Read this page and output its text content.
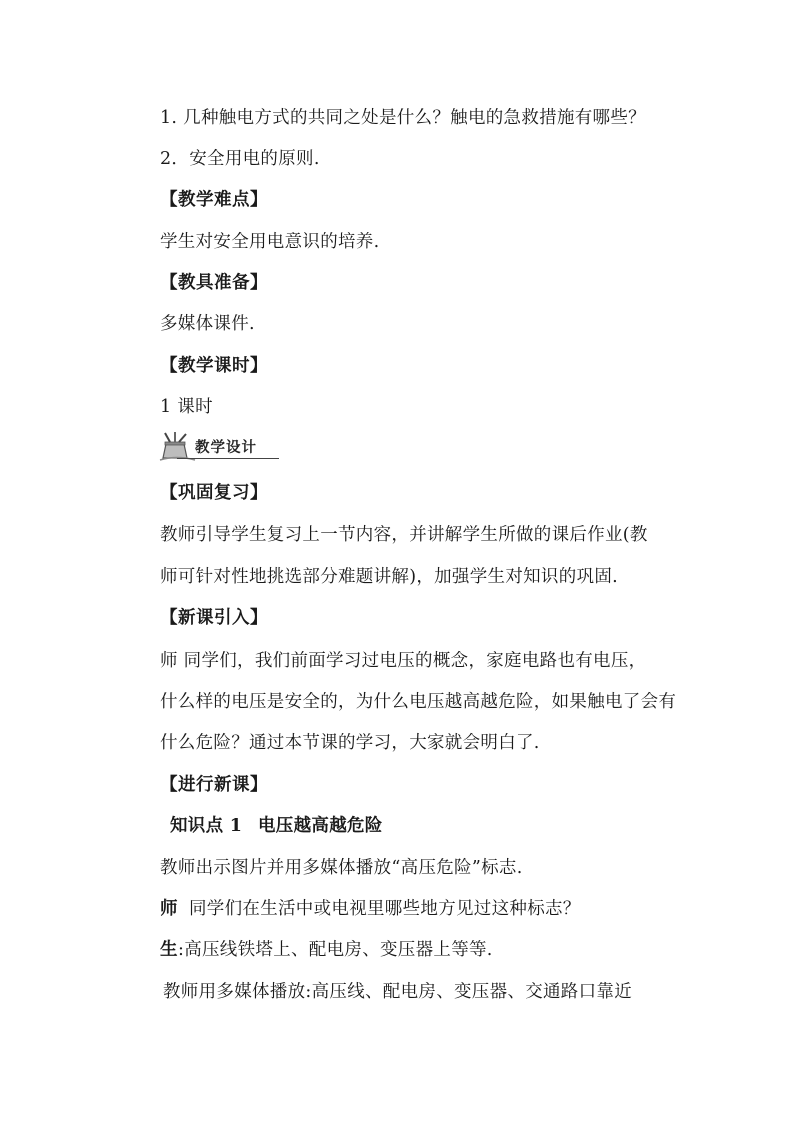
1. 几种触电方式的共同之处是什么？触电的急救措施有哪些？
2．安全用电的原则.
【教学难点】
学生对安全用电意识的培养.
【教具准备】
多媒体课件.
【教学课时】
1 课时
教学设计
【巩固复习】
教师引导学生复习上一节内容，并讲解学生所做的课后作业(教
师可针对性地挑选部分难题讲解)，加强学生对知识的巩固.
【新课引入】
师 同学们，我们前面学习过电压的概念，家庭电路也有电压，
什么样的电压是安全的，为什么电压越高越危险，如果触电了会有
什么危险？通过本节课的学习，大家就会明白了.
【进行新课】
知识点 1 电压越高越危险
教师出示图片并用多媒体播放“高压危险”标志.
师 同学们在生活中或电视里哪些地方见过这种标志？
生 :高压线铁塔上、配电房、变压器上等等.
教师用多媒体播放:高压线、配电房、变压器、交通路口靠近
